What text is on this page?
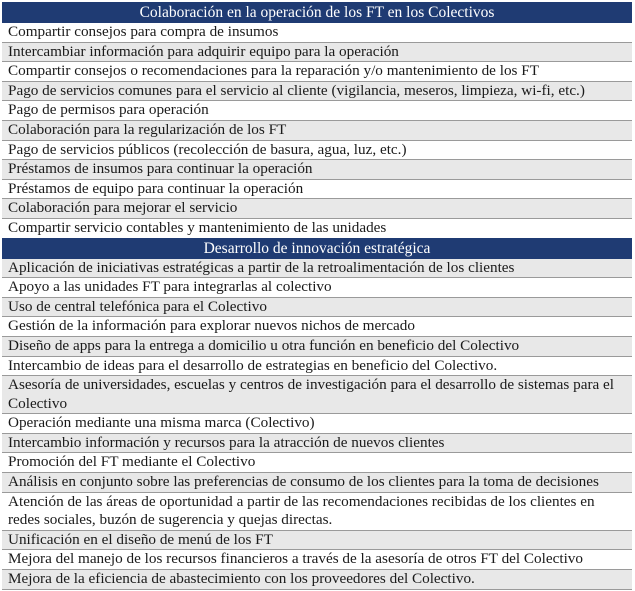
Colaboración en la operación de los FT en los Colectivos
Compartir consejos para compra de insumos
Intercambiar información para adquirir equipo para la operación
Compartir consejos o recomendaciones para la reparación y/o mantenimiento de los FT
Pago de servicios comunes para el servicio al cliente (vigilancia, meseros, limpieza, wi-fi, etc.)
Pago de permisos para operación
Colaboración para la regularización de los FT
Pago de servicios públicos (recolección de basura, agua, luz, etc.)
Préstamos de insumos para continuar la operación
Préstamos de equipo para continuar la operación
Colaboración para mejorar el servicio
Compartir servicio contables y mantenimiento de las unidades
Desarrollo de innovación estratégica
Aplicación de iniciativas estratégicas a partir de la retroalimentación de los clientes
Apoyo a las unidades FT para integrarlas al colectivo
Uso de central telefónica para el Colectivo
Gestión de la información para explorar nuevos nichos de mercado
Diseño de apps para la entrega a domicilio u otra función en beneficio del Colectivo
Intercambio de ideas para el desarrollo de estrategias en beneficio del Colectivo.
Asesoría de universidades, escuelas y centros de investigación para el desarrollo de sistemas para el Colectivo
Operación mediante una misma marca (Colectivo)
Intercambio información y recursos para la atracción de nuevos clientes
Promoción del FT mediante el Colectivo
Análisis en conjunto sobre las preferencias de consumo de los clientes para la toma de decisiones
Atención de las áreas de oportunidad a partir de las recomendaciones recibidas de los clientes en redes sociales, buzón de sugerencia y quejas directas.
Unificación en el diseño de menú de los FT
Mejora del manejo de los recursos financieros a través de la asesoría de otros FT del Colectivo
Mejora de la eficiencia de abastecimiento con los proveedores del Colectivo.
